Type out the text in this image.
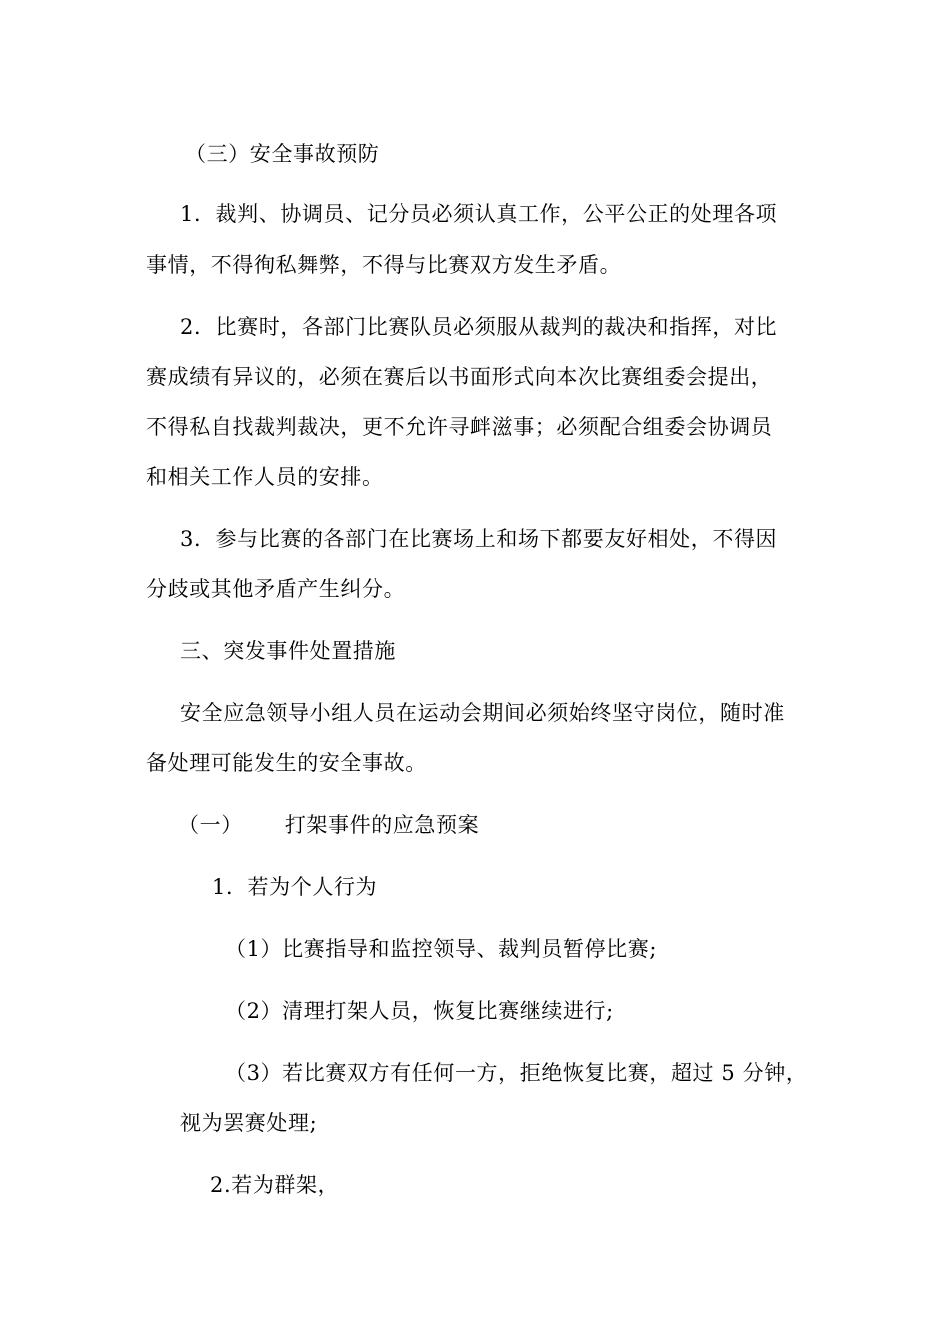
（三）安全事故预防
1．裁判、协调员、记分员必须认真工作，公平公正的处理各项
事情，不得徇私舞弊，不得与比赛双方发生矛盾。
2．比赛时，各部门比赛队员必须服从裁判的裁决和指挥，对比
赛成绩有异议的，必须在赛后以书面形式向本次比赛组委会提出，
不得私自找裁判裁决，更不允许寻衅滋事；必须配合组委会协调员
和相关工作人员的安排。
3．参与比赛的各部门在比赛场上和场下都要友好相处，不得因
分歧或其他矛盾产生纠分。
三、突发事件处置措施
安全应急领导小组人员在运动会期间必须始终坚守岗位，随时准
备处理可能发生的安全事故。
（一） 打架事件的应急预案
1．若为个人行为
（1）比赛指导和监控领导、裁判员暂停比赛;
（2）清理打架人员，恢复比赛继续进行;
（3）若比赛双方有任何一方，拒绝恢复比赛，超过 5 分钟，
视为罢赛处理;
2.若为群架，
